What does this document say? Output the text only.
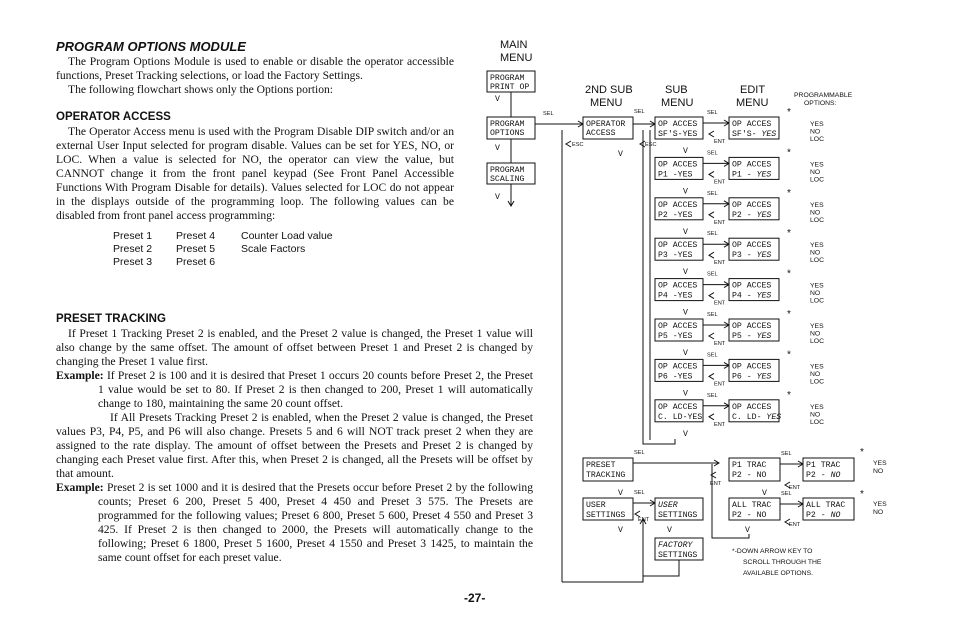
PROGRAM OPTIONS MODULE
The Program Options Module is used to enable or disable the operator accessible functions, Preset Tracking selections, or load the Factory Settings.
The following flowchart shows only the Options portion:
OPERATOR ACCESS
The Operator Access menu is used with the Program Disable DIP switch and/or an external User Input selected for program disable. Values can be set for YES, NO, or LOC. When a value is selected for NO, the operator can view the value, but CANNOT change it from the front panel keypad (See Front Panel Accessible Functions With Program Disable for details). Values selected for LOC do not appear in the displays outside of the programming loop. The following values can be disabled from front panel access programming:
Preset 1 Preset 4 Counter Load value
Preset 2 Preset 5 Scale Factors
Preset 3 Preset 6
PRESET TRACKING
If Preset 1 Tracking Preset 2 is enabled, and the Preset 2 value is changed, the Preset 1 value will also change by the same offset. The amount of offset between Preset 1 and Preset 2 is changed by changing the Preset 1 value first.
Example: If Preset 2 is 100 and it is desired that Preset 1 occurs 20 counts before Preset 2, the Preset 1 value would be set to 80. If Preset 2 is then changed to 200, Preset 1 will automatically change to 180, maintaining the same 20 count offset.
If All Presets Tracking Preset 2 is enabled, when the Preset 2 value is changed, the Preset values P3, P4, P5, and P6 will also change. Presets 5 and 6 will NOT track preset 2 when they are assigned to the rate display. The amount of offset between the Presets and Preset 2 is changed by changing each Preset value first. After this, when Preset 2 is changed, all the Presets will be offset by that amount.
Example: Preset 2 is set 1000 and it is desired that the Presets occur before Preset 2 by the following counts; Preset 6 200, Preset 5 400, Preset 4 450 and Preset 3 575. The Presets are programmed for the following values; Preset 6 800, Preset 5 600, Preset 4 550 and Preset 3 425. If Preset 2 is then changed to 2000, the Presets will automatically change to the following; Preset 6 1800, Preset 5 1600, Preset 4 1550 and Preset 3 1425, to maintain the same count offset for each preset value.
-27-
MAIN
MENU
2ND SUB
MENU
SUB
MENU
EDIT
MENU
PROGRAMMABLE
OPTIONS:
PROGRAM
PRINT OP
PROGRAM
OPTIONS
PROGRAM
SCALING
V
V
V
SEL
OPERATOR
ACCESS
ESC
V
SEL
ESC
OP ACCES
SF'S-YES
SEL
ENT
OP ACCES
SF'S- YES
V
*
YES
NO
LOC
OP ACCES
P1 -YES
SEL
ENT
OP ACCES
P1 - YES
V
*
YES
NO
LOC
OP ACCES
P2 -YES
SEL
ENT
OP ACCES
P2 - YES
V
*
YES
NO
LOC
OP ACCES
P3 -YES
SEL
ENT
OP ACCES
P3 - YES
V
*
YES
NO
LOC
OP ACCES
P4 -YES
SEL
ENT
OP ACCES
P4 - YES
V
*
YES
NO
LOC
OP ACCES
P5 -YES
SEL
ENT
OP ACCES
P5 - YES
V
*
YES
NO
LOC
OP ACCES
P6 -YES
SEL
ENT
OP ACCES
P6 - YES
V
*
YES
NO
LOC
OP ACCES
C. LD-YES
SEL
ENT
OP ACCES
C. LD- YES
V
*
YES
NO
LOC
PRESET
TRACKING
V
USER
SETTINGS
V
SEL
SEL
ENT
USER
SETTINGS
V
FACTORY
SETTINGS
P1 TRAC
P2 - NO
SEL
P1 TRAC
P2 - NO
ENT
ENT
V
ALL TRAC
P2 - NO
SEL
ALL TRAC
P2 - NO
ENT
V
*
YES
NO
*
YES
NO
*-DOWN ARROW KEY TO
SCROLL THROUGH THE
AVAILABLE OPTIONS.
